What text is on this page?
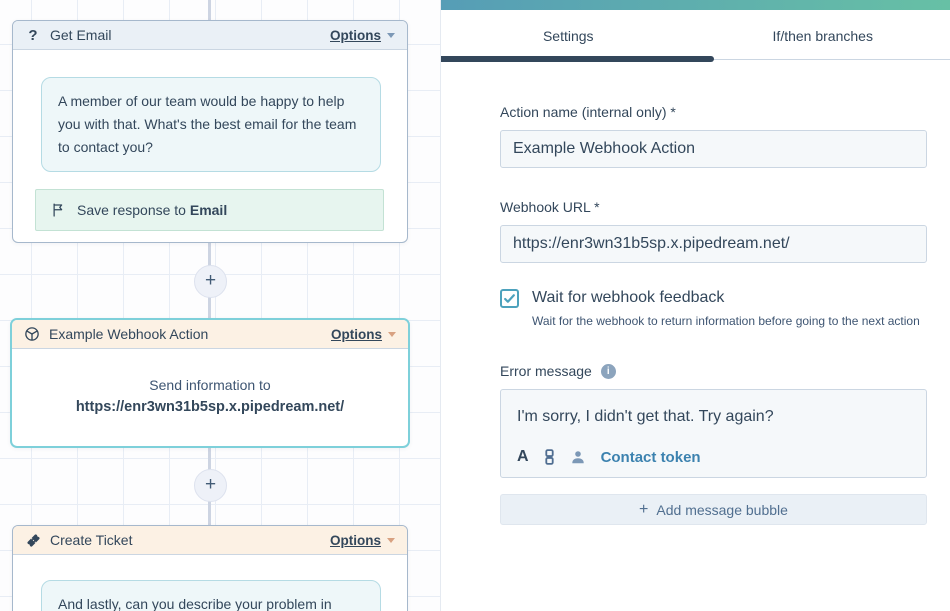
?
Get Email	Options
A member of our team would be happy to help you with that. What's the best email for the team to contact you?
Save response to Email
+
Example Webhook Action	Options
Send information to
https://enr3wn31b5sp.x.pipedream.net/
+
Create Ticket	Options
And lastly, can you describe your problem in
Settings	If/then branches
Action name (internal only) *
Example Webhook Action
Webhook URL *
https://enr3wn31b5sp.x.pipedream.net/
Wait for webhook feedback
Wait for the webhook to return information before going to the next action
Error message	i
I'm sorry, I didn't get that. Try again?
A	Contact token
+ Add message bubble
